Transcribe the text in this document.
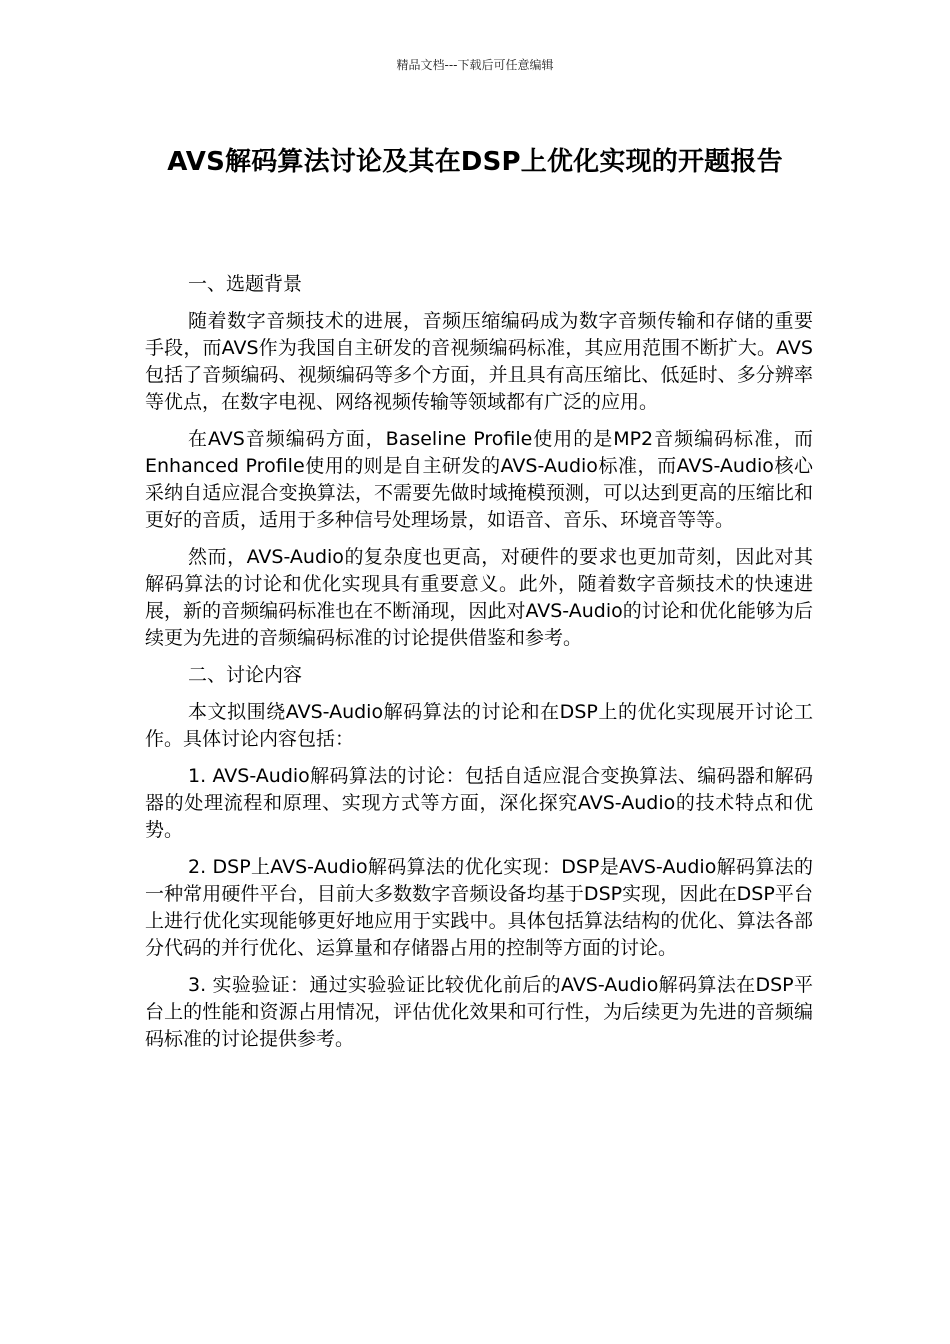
精品文档---下载后可任意编辑
AVS解码算法讨论及其在DSP上优化实现的开题报告

一、选题背景

随着数字音频技术的进展，音频压缩编码成为数字音频传输和存储的重要手段，而AVS作为我国自主研发的音视频编码标准，其应用范围不断扩大。AVS包括了音频编码、视频编码等多个方面，并且具有高压缩比、低延时、多分辨率等优点，在数字电视、网络视频传输等领域都有广泛的应用。

在AVS音频编码方面，Baseline Profile使用的是MP2音频编码标准，而Enhanced Profile使用的则是自主研发的AVS-Audio标准，而AVS-Audio核心采纳自适应混合变换算法，不需要先做时域掩模预测，可以达到更高的压缩比和更好的音质，适用于多种信号处理场景，如语音、音乐、环境音等等。

然而，AVS-Audio的复杂度也更高，对硬件的要求也更加苛刻，因此对其解码算法的讨论和优化实现具有重要意义。此外，随着数字音频技术的快速进展，新的音频编码标准也在不断涌现，因此对AVS-Audio的讨论和优化能够为后续更为先进的音频编码标准的讨论提供借鉴和参考。

二、讨论内容

本文拟围绕AVS-Audio解码算法的讨论和在DSP上的优化实现展开讨论工作。具体讨论内容包括：

1. AVS-Audio解码算法的讨论：包括自适应混合变换算法、编码器和解码器的处理流程和原理、实现方式等方面，深化探究AVS-Audio的技术特点和优势。

2. DSP上AVS-Audio解码算法的优化实现：DSP是AVS-Audio解码算法的一种常用硬件平台，目前大多数数字音频设备均基于DSP实现，因此在DSP平台上进行优化实现能够更好地应用于实践中。具体包括算法结构的优化、算法各部分代码的并行优化、运算量和存储器占用的控制等方面的讨论。

3. 实验验证：通过实验验证比较优化前后的AVS-Audio解码算法在DSP平台上的性能和资源占用情况，评估优化效果和可行性，为后续更为先进的音频编码标准的讨论提供参考。
